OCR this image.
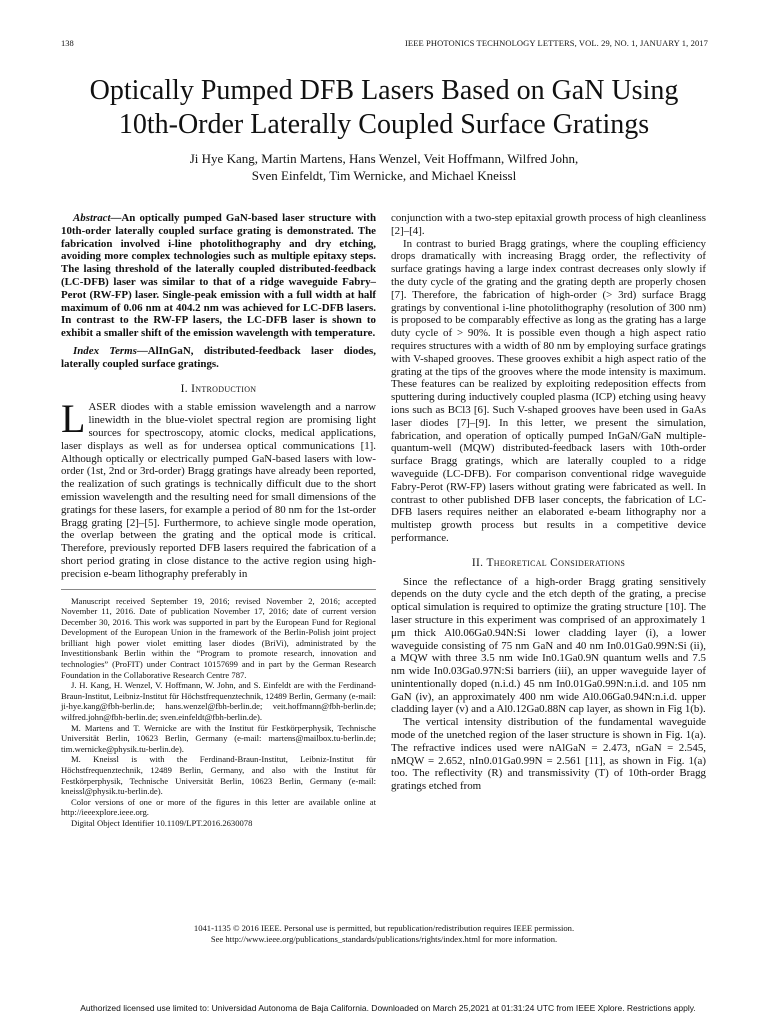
138	IEEE PHOTONICS TECHNOLOGY LETTERS, VOL. 29, NO. 1, JANUARY 1, 2017
Optically Pumped DFB Lasers Based on GaN Using
10th-Order Laterally Coupled Surface Gratings
Ji Hye Kang, Martin Martens, Hans Wenzel, Veit Hoffmann, Wilfred John,
Sven Einfeldt, Tim Wernicke, and Michael Kneissl

Abstract—An optically pumped GaN-based laser structure with 10th-order laterally coupled surface grating is demonstrated. The fabrication involved i-line photolithography and dry etching, avoiding more complex technologies such as multiple epitaxy steps. The lasing threshold of the laterally coupled distributed-feedback (LC-DFB) laser was similar to that of a ridge waveguide Fabry–Perot (RW-FP) laser. Single-peak emission with a full width at half maximum of 0.06 nm at 404.2 nm was achieved for LC-DFB lasers. In contrast to the RW-FP lasers, the LC-DFB laser is shown to exhibit a smaller shift of the emission wavelength with temperature.

Index Terms—AlInGaN, distributed-feedback laser diodes, laterally coupled surface gratings.

I. Introduction

LASER diodes with a stable emission wavelength and a narrow linewidth in the blue-violet spectral region are promising light sources for spectroscopy, atomic clocks, medical applications, laser displays as well as for undersea optical communications [1]. Although optically or electrically pumped GaN-based lasers with low-order (1st, 2nd or 3rd-order) Bragg gratings have already been reported, the realization of such gratings is technically difficult due to the short emission wavelength and the resulting need for small dimensions of the gratings for these lasers, for example a period of 80 nm for the 1st-order Bragg grating [2]–[5]. Furthermore, to achieve single mode operation, the overlap between the grating and the optical mode is critical. Therefore, previously reported DFB lasers required the fabrication of a short period grating in close distance to the active region using high-precision e-beam lithography preferably in

Manuscript received September 19, 2016; revised November 2, 2016; accepted November 11, 2016. Date of publication November 17, 2016; date of current version December 30, 2016. This work was supported in part by the European Fund for Regional Development of the European Union in the framework of the Berlin-Polish joint project brilliant high power violet emitting laser diodes (BriVi), administrated by the Investitionsbank Berlin within the “Program to promote research, innovation and technologies” (ProFIT) under Contract 10157699 and in part by the German Research Foundation in the Collaborative Research Centre 787.

J. H. Kang, H. Wenzel, V. Hoffmann, W. John, and S. Einfeldt are with the Ferdinand-Braun-Institut, Leibniz-Institut für Höchstfrequenztechnik, 12489 Berlin, Germany (e-mail: ji-hye.kang@fbh-berlin.de; hans.wenzel@fbh-berlin.de; veit.hoffmann@fbh-berlin.de; wilfred.john@fbh-berlin.de; sven.einfeldt@fbh-berlin.de).

M. Martens and T. Wernicke are with the Institut für Festkörperphysik, Technische Universität Berlin, 10623 Berlin, Germany (e-mail: martens@mailbox.tu-berlin.de; tim.wernicke@physik.tu-berlin.de).

M. Kneissl is with the Ferdinand-Braun-Institut, Leibniz-Institut für Höchstfrequenztechnik, 12489 Berlin, Germany, and also with the Institut für Festkörperphysik, Technische Universität Berlin, 10623 Berlin, Germany (e-mail: kneissl@physik.tu-berlin.de).

Color versions of one or more of the figures in this letter are available online at http://ieeexplore.ieee.org.

Digital Object Identifier 10.1109/LPT.2016.2630078

conjunction with a two-step epitaxial growth process of high cleanliness [2]–[4].

In contrast to buried Bragg gratings, where the coupling efficiency drops dramatically with increasing Bragg order, the reflectivity of surface gratings having a large index contrast decreases only slowly if the duty cycle of the grating and the grating depth are properly chosen [7]. Therefore, the fabrication of high-order (> 3rd) surface Bragg gratings by conventional i-line photolithography (resolution of 300 nm) is proposed to be comparably effective as long as the grating has a large duty cycle of > 90%. It is possible even though a high aspect ratio requires structures with a width of 80 nm by employing surface gratings with V-shaped grooves. These grooves exhibit a high aspect ratio of the grating at the tips of the grooves where the mode intensity is maximum. These features can be realized by exploiting redeposition effects from sputtering during inductively coupled plasma (ICP) etching using heavy ions such as BCl3 [6]. Such V-shaped grooves have been used in GaAs laser diodes [7]–[9]. In this letter, we present the simulation, fabrication, and operation of optically pumped InGaN/GaN multiple-quantum-well (MQW) distributed-feedback lasers with 10th-order surface Bragg gratings, which are laterally coupled to a ridge waveguide (LC-DFB). For comparison conventional ridge waveguide Fabry-Perot (RW-FP) lasers without grating were fabricated as well. In contrast to other published DFB laser concepts, the fabrication of LC-DFB lasers requires neither an elaborated e-beam lithography nor a multistep growth process but results in a competitive device performance.

II. Theoretical Considerations

Since the reflectance of a high-order Bragg grating sensitively depends on the duty cycle and the etch depth of the grating, a precise optical simulation is required to optimize the grating structure [10]. The laser structure in this experiment was comprised of an approximately 1 μm thick Al0.06Ga0.94N:Si lower cladding layer (i), a lower waveguide consisting of 75 nm GaN and 40 nm In0.01Ga0.99N:Si (ii), a MQW with three 3.5 nm wide In0.1Ga0.9N quantum wells and 7.5 nm wide In0.03Ga0.97N:Si barriers (iii), an upper waveguide layer of unintentionally doped (n.i.d.) 45 nm In0.01Ga0.99N:n.i.d. and 105 nm GaN (iv), an approximately 400 nm wide Al0.06Ga0.94N:n.i.d. upper cladding layer (v) and a Al0.12Ga0.88N cap layer, as shown in Fig 1(b).

The vertical intensity distribution of the fundamental waveguide mode of the unetched region of the laser structure is shown in Fig. 1(a). The refractive indices used were nAlGaN = 2.473, nGaN = 2.545, nMQW = 2.652, nIn0.01Ga0.99N = 2.561 [11], as shown in Fig. 1(a) too. The reflectivity (R) and transmissivity (T) of 10th-order Bragg gratings etched from

1041-1135 © 2016 IEEE. Personal use is permitted, but republication/redistribution requires IEEE permission.
See http://www.ieee.org/publications_standards/publications/rights/index.html for more information.
Authorized licensed use limited to: Universidad Autonoma de Baja California. Downloaded on March 25,2021 at 01:31:24 UTC from IEEE Xplore. Restrictions apply.
